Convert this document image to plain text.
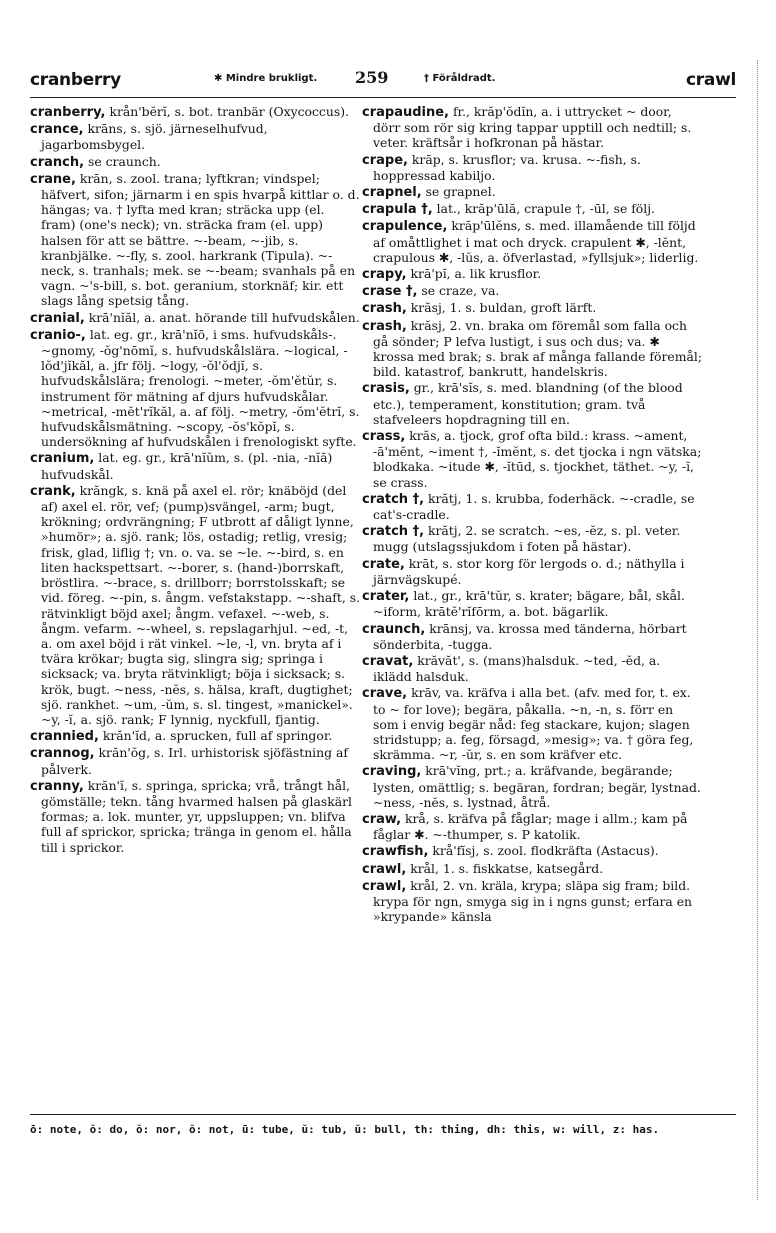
cranberry	✱ Mindre brukligt. 259	† Föråldradt.	crawl

cranberry, krån'bĕrĭ, s. bot. tranbär (Oxycoccus).

crance, krāns, s. sjö. järneselhufvud, jagarbomsbygel.

cranch, se craunch.

crane, krān, s. zool. trana; lyftkran; vindspel; häfvert, sifon; järnarm i en spis hvarpå kittlar o. d. hängas; va. † lyfta med kran; sträcka upp (el. fram) (one's neck); vn. sträcka fram (el. upp) halsen för att se bättre. ~-beam, ~-jib, s. kranbjälke. ~-fly, s. zool. harkrank (Tipula). ~-neck, s. tranhals; mek. se ~-beam; svanhals på en vagn. ~'s-bill, s. bot. geranium, storknäf; kir. ett slags lång spetsig tång.

cranial, krā'nĭăl, a. anat. hörande till hufvudskålen.

cranio-, lat. eg. gr., krā'nĭō, i sms. hufvudskåls-. ~gnomy, -ŏg'nōmĭ, s. hufvudskålslära. ~logical, -lŏd'jĭkăl, a. jfr följ. ~logy, -ŏl'ŏdjĭ, s. hufvudskålslära; frenologi. ~meter, -ŏm'ĕtŭr, s. instrument för mätning af djurs hufvudskålar. ~metrical, -mĕt'rĭkăl, a. af följ. ~metry, -ŏm'ĕtrĭ, s. hufvudskålsmätning. ~scopy, -ŏs'kŏpĭ, s. undersökning af hufvudskålen i frenologiskt syfte.

cranium, lat. eg. gr., krā'nĭŭm, s. (pl. -nia, -nĭă) hufvudskål.

crank, krăngk, s. knä på axel el. rör; knäböjd (del af) axel el. rör, vef; (pump)svängel, -arm; bugt, krökning; ordvrängning; F utbrott af dåligt lynne, »humör»; a. sjö. rank; lös, ostadig; retlig, vresig; frisk, glad, liflig †; vn. o. va. se ~le. ~-bird, s. en liten hackspettsart. ~-borer, s. (hand-)borrskaft, bröstlira. ~-brace, s. drillborr; borrstolsskaft; se vid. föreg. ~-pin, s. ångm. vefstakstapp. ~-shaft, s. rätvinkligt böjd axel; ångm. vefaxel. ~-web, s. ångm. vefarm. ~-wheel, s. repslagarhjul. ~ed, -t, a. om axel böjd i rät vinkel. ~le, -l, vn. bryta af i tvära krökar; bugta sig, slingra sig; springa i sicksack; va. bryta rätvinkligt; böja i sicksack; s. krök, bugt. ~ness, -nĕs, s. hälsa, kraft, dugtighet; sjö. rankhet. ~um, -ŭm, s. sl. tingest, »manickel». ~y, -ĭ, a. sjö. rank; F lynnig, nyckfull, fjantig.

crannied, krăn'ĭd, a. sprucken, full af springor.

crannog, krăn'ŏg, s. Irl. urhistorisk sjöfästning af pålverk.

cranny, krăn'ĭ, s. springa, spricka; vrå, trångt hål, gömställe; tekn. tång hvarmed halsen på glaskärl formas; a. lok. munter, yr, uppsluppen; vn. blifva full af sprickor, spricka; tränga in genom el. hålla till i sprickor.

crapaudine, fr., krăp'ŏdĭn, a. i uttrycket ~ door, dörr som rör sig kring tappar upptill och nedtill; s. veter. kräftsår i hofkronan på hästar.

crape, krāp, s. krusflor; va. krusa. ~-fish, s. hoppressad kabiljo.

crapnel, se grapnel.

crapula †, lat., krăp'ūlă, crapule †, -ūl, se följ.

crapulence, krăp'ūlĕns, s. med. illamående till följd af omåttlighet i mat och dryck. crapulent ✱, -lĕnt, crapulous ✱, -lŭs, a. öfverlastad, »fyllsjuk»; liderlig.

crapy, krā'pĭ, a. lik krusflor.

crase †, se craze, va.

crash, krăsj, 1. s. buldan, groft lärft.

crash, krăsj, 2. vn. braka om föremål som falla och gå sönder; P lefva lustigt, i sus och dus; va. ✱ krossa med brak; s. brak af många fallande föremål; bild. katastrof, bankrutt, handelskris.

crasis, gr., krā'sĭs, s. med. blandning (of the blood etc.), temperament, konstitution; gram. två stafveleers hopdragning till en.

crass, krăs, a. tjock, grof ofta bild.: krass. ~ament, -ā'mĕnt, ~iment †, -ĭmĕnt, s. det tjocka i ngn vätska; blodkaka. ~itude ✱, -ĭtūd, s. tjockhet, täthet. ~y, -ĭ, se crass.

cratch †, krătj, 1. s. krubba, foderhäck. ~-cradle, se cat's-cradle.

cratch †, krătj, 2. se scratch. ~es, -ĕz, s. pl. veter. mugg (utslagssjukdom i foten på hästar).

crate, krāt, s. stor korg för lergods o. d.; näthylla i järnvägskupé.

crater, lat., gr., krā'tŭr, s. krater; bägare, bål, skål. ~iform, krātĕ'rĭfōrm, a. bot. bägarlik.

craunch, krānsj, va. krossa med tänderna, hörbart sönderbita, -tugga.

cravat, krăvăt', s. (mans)halsduk. ~ted, -ĕd, a. iklädd halsduk.

crave, krāv, va. kräfva i alla bet. (afv. med for, t. ex. to ~ for love); begära, påkalla. ~n, -n, s. förr en som i envig begär nåd: feg stackare, kujon; slagen stridstupp; a. feg, försagd, »mesig»; va. † göra feg, skrämma. ~r, -ŭr, s. en som kräfver etc.

craving, krā'vĭng, prt.; a. kräfvande, begärande; lysten, omättlig; s. begäran, fordran; begär, lystnad. ~ness, -nĕs, s. lystnad, åtrå.

craw, krå, s. kräfva på fåglar; mage i allm.; kam på fåglar ✱. ~-thumper, s. P katolik.

crawfish, krå'fĭsj, s. zool. flodkräfta (Astacus).

crawl, krål, 1. s. fiskkatse, katsegård.

crawl, krål, 2. vn. kräla, krypa; släpa sig fram; bild. krypa för ngn, smyga sig in i ngns gunst; erfara en »krypande» känsla

ō: note, ŏ: do, ŏ: nor, ŏ: not, ū: tube, ŭ: tub, ŭ: bull, th: thing, dh: this, w: will, z: has.
